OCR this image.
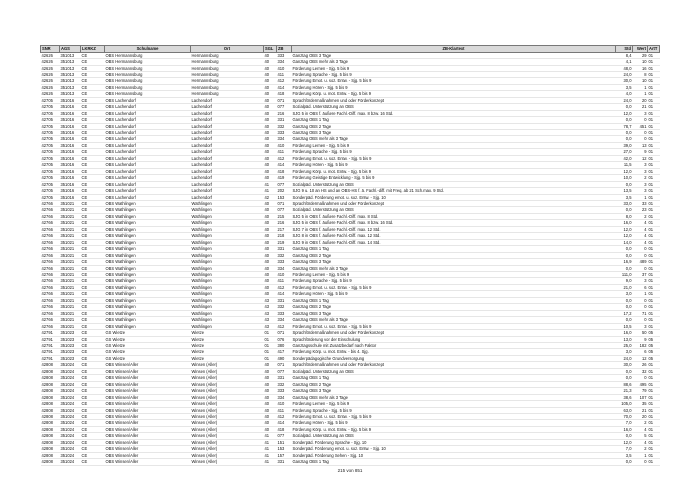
SNR	AGS	LKRKZ	Schulname	Ort	SGL	ZB	ZB-Klartext	Std	Wert	ArtT
42626	351013	CE	OBS Hermannsburg	Hermannsburg	40	333	Ganztag OBS 3 Tage	8,4	29	01
42626	351013	CE	OBS Hermannsburg	Hermannsburg	40	334	Ganztag OBS mehr als 3 Tage	4,1	10	01
42626	351013	CE	OBS Hermannsburg	Hermannsburg	40	410	Förderung Lernen - Sjg. 5 bis 9	48,0	16	01
42626	351013	CE	OBS Hermannsburg	Hermannsburg	40	411	Förderung Sprache - Sjg. 5 bis 9	24,0	8	01
42626	351013	CE	OBS Hermannsburg	Hermannsburg	40	412	Förderung Emot. u. soz. Entw. - Sjg. 5 bis 9	30,0	10	01
42626	351013	CE	OBS Hermannsburg	Hermannsburg	40	414	Förderung Hören - Sjg. 5 bis 9	3,5	1	01
42626	351013	CE	OBS Hermannsburg	Hermannsburg	40	418	Förderung Körp. u. mot. Entw. - Sjg. 5 bis 9	4,0	1	01
42705	351016	CE	OBS Lachendorf	Lachendorf	40	071	Sprachfördermaßnahmen und oder Förderkonzept	24,0	20	01
42705	351016	CE	OBS Lachendorf	Lachendorf	40	077	Sozialpäd. Unterstützung an OBS	0,0	21	01
42705	351016	CE	OBS Lachendorf	Lachendorf	40	216	SJG 5 in OBS f. äußere Fachl.-Diff. max. 8 bzw. 16 Std.	12,0	3	01
42705	351016	CE	OBS Lachendorf	Lachendorf	40	331	Ganztag OBS 1 Tag	0,0	0	01
42705	351016	CE	OBS Lachendorf	Lachendorf	40	332	Ganztag OBS 2 Tage	78,7	451	01
42705	351016	CE	OBS Lachendorf	Lachendorf	40	333	Ganztag OBS 3 Tage	0,0	0	01
42705	351016	CE	OBS Lachendorf	Lachendorf	40	334	Ganztag OBS mehr als 3 Tage	0,0	0	01
42705	351016	CE	OBS Lachendorf	Lachendorf	40	410	Förderung Lernen - Sjg. 5 bis 9	39,0	13	01
42705	351016	CE	OBS Lachendorf	Lachendorf	40	411	Förderung Sprache - Sjg. 5 bis 9	27,0	9	01
42705	351016	CE	OBS Lachendorf	Lachendorf	40	412	Förderung Emot. u. soz. Entw. - Sjg. 5 bis 9	42,0	12	01
42705	351016	CE	OBS Lachendorf	Lachendorf	40	414	Förderung Hören - Sjg. 5 bis 9	11,5	3	01
42705	351016	CE	OBS Lachendorf	Lachendorf	40	418	Förderung Körp. u. mot. Entw. - Sjg. 5 bis 9	12,0	3	01
42705	351016	CE	OBS Lachendorf	Lachendorf	40	419	Förderung Geistige Entwicklung - Sjg. 5 bis 9	10,0	2	01
42705	351016	CE	OBS Lachendorf	Lachendorf	41	077	Sozialpäd. Unterstützung an OBS	0,0	3	01
42705	351016	CE	OBS Lachendorf	Lachendorf	41	202	SJG 9 u. 10 an HS und an OBS-HS f. ä. Fachl.-diff. mit Freq. ab 21 Sch.max. 9 Std.	13,5	3	01
42705	351016	CE	OBS Lachendorf	Lachendorf	42	153	Sonderpäd. Förderung emot. u. soz. Entw. - Sjg. 10	3,5	1	01
42766	351021	CE	OBS Wathlingen	Wathlingen	40	071	Sprachfördermaßnahmen und oder Förderkonzept	33,0	33	01
42766	351021	CE	OBS Wathlingen	Wathlingen	40	077	Sozialpäd. Unterstützung an OBS	0,0	23	01
42766	351021	CE	OBS Wathlingen	Wathlingen	40	215	SJG 5 in OBS f. äußere Fachl.-Diff. max. 8 Std.	8,0	2	01
42766	351021	CE	OBS Wathlingen	Wathlingen	40	216	SJG 5 in OBS f. äußere Fachl.-Diff. max. 8 bzw. 16 Std.	16,0	4	01
42766	351021	CE	OBS Wathlingen	Wathlingen	40	217	SJG 7 in OBS f. äußere Fachl.-Diff. max. 12 Std.	12,0	4	01
42766	351021	CE	OBS Wathlingen	Wathlingen	40	218	SJG 8 in OBS f. äußere Fachl.-Diff. max. 12 Std.	12,0	4	01
42766	351021	CE	OBS Wathlingen	Wathlingen	40	219	SJG 9 in OBS f. äußere Fachl.-Diff. max. 14 Std.	14,0	4	01
42766	351021	CE	OBS Wathlingen	Wathlingen	40	331	Ganztag OBS 1 Tag	0,0	0	01
42766	351021	CE	OBS Wathlingen	Wathlingen	40	332	Ganztag OBS 2 Tage	0,0	0	01
42766	351021	CE	OBS Wathlingen	Wathlingen	40	333	Ganztag OBS 3 Tage	16,9	489	01
42766	351021	CE	OBS Wathlingen	Wathlingen	40	334	Ganztag OBS mehr als 3 Tage	0,0	0	01
42766	351021	CE	OBS Wathlingen	Wathlingen	40	410	Förderung Lernen - Sjg. 5 bis 9	111,0	37	01
42766	351021	CE	OBS Wathlingen	Wathlingen	40	411	Förderung Sprache - Sjg. 5 bis 9	9,0	3	01
42766	351021	CE	OBS Wathlingen	Wathlingen	40	412	Förderung Emot. u. soz. Entw. - Sjg. 5 bis 9	21,0	6	01
42766	351021	CE	OBS Wathlingen	Wathlingen	40	414	Förderung Hören - Sjg. 5 bis 9	3,0	1	01
42766	351021	CE	OBS Wathlingen	Wathlingen	43	331	Ganztag OBS 1 Tag	0,0	0	01
42766	351021	CE	OBS Wathlingen	Wathlingen	43	332	Ganztag OBS 2 Tage	0,0	0	01
42766	351021	CE	OBS Wathlingen	Wathlingen	43	333	Ganztag OBS 3 Tage	17,2	71	01
42766	351021	CE	OBS Wathlingen	Wathlingen	43	334	Ganztag OBS mehr als 3 Tage	0,0	0	01
42766	351021	CE	OBS Wathlingen	Wathlingen	43	412	Förderung Emot. u. soz. Entw. - Sjg. 5 bis 9	10,5	3	01
42791	351023	CE	GS Wietze	Wietze	01	071	Sprachfördermaßnahmen und oder Förderkonzept	16,0	50	05
42791	351023	CE	GS Wietze	Wietze	01	076	Sprachförderung vor der Einschulung	13,0	9	05
42791	351023	CE	GS Wietze	Wietze	01	380	Ganztagsschule mit Zusatzbedarf nach Faktor	25,0	182	05
42791	351023	CE	GS Wietze	Wietze	01	417	Förderung Körp. u. mot. Entw. - bis 4. Sjg.	3,0	6	05
42791	351023	CE	GS Wietze	Wietze	01	490	Sonderpädagogische Grundversorgung	24,0	12	05
42808	351024	CE	OBS Winsen/Aller	Winsen (Aller)	40	071	Sprachfördermaßnahmen und oder Förderkonzept	30,0	26	01
42808	351024	CE	OBS Winsen/Aller	Winsen (Aller)	40	077	Sozialpäd. Unterstützung an OBS	0,0	32	01
42808	351024	CE	OBS Winsen/Aller	Winsen (Aller)	40	331	Ganztag OBS 1 Tag	0,0	0	01
42808	351024	CE	OBS Winsen/Aller	Winsen (Aller)	40	332	Ganztag OBS 2 Tage	88,6	495	01
42808	351024	CE	OBS Winsen/Aller	Winsen (Aller)	40	333	Ganztag OBS 3 Tage	21,3	79	01
42808	351024	CE	OBS Winsen/Aller	Winsen (Aller)	40	334	Ganztag OBS mehr als 3 Tage	38,6	107	01
42808	351024	CE	OBS Winsen/Aller	Winsen (Aller)	40	410	Förderung Lernen - Sjg. 5 bis 9	105,0	35	01
42808	351024	CE	OBS Winsen/Aller	Winsen (Aller)	40	411	Förderung Sprache - Sjg. 5 bis 9	63,0	21	01
42808	351024	CE	OBS Winsen/Aller	Winsen (Aller)	40	412	Förderung Emot. u. soz. Entw. - Sjg. 5 bis 9	70,0	20	01
42808	351024	CE	OBS Winsen/Aller	Winsen (Aller)	40	414	Förderung Hören - Sjg. 5 bis 9	7,0	2	01
42808	351024	CE	OBS Winsen/Aller	Winsen (Aller)	40	418	Förderung Körp. u. mot. Entw. - Sjg. 5 bis 9	16,0	4	01
42808	351024	CE	OBS Winsen/Aller	Winsen (Aller)	41	077	Sozialpäd. Unterstützung an OBS	0,0	5	01
42808	351024	CE	OBS Winsen/Aller	Winsen (Aller)	41	151	Sonderpäd. Förderung Sprache - Sjg. 10	12,0	4	01
42808	351024	CE	OBS Winsen/Aller	Winsen (Aller)	41	153	Sonderpäd. Förderung emot. u. soz. Entw. - Sjg. 10	7,0	2	01
42808	351024	CE	OBS Winsen/Aller	Winsen (Aller)	41	157	Sonderpäd. Förderung Sehen - Sjg. 10	3,5	1	01
42808	351024	CE	OBS Winsen/Aller	Winsen (Aller)	41	331	Ganztag OBS 1 Tag	0,0	0	01
215 von 851
